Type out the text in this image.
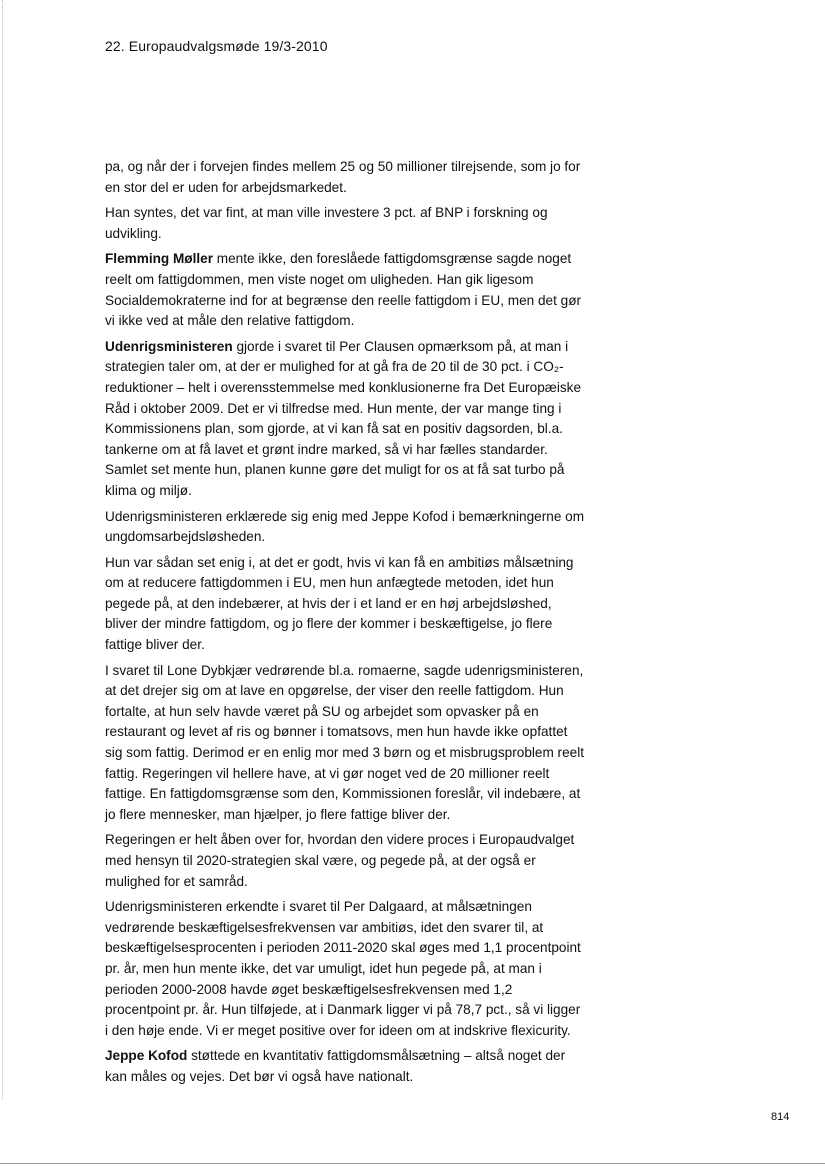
22. Europaudvalgsmøde 19/3-2010

pa, og når der i forvejen findes mellem 25 og 50 millioner tilrejsende, som jo for en stor del er uden for arbejdsmarkedet.

Han syntes, det var fint, at man ville investere 3 pct. af BNP i forskning og udvikling.

Flemming Møller mente ikke, den foreslåede fattigdomsgrænse sagde noget reelt om fattigdommen, men viste noget om uligheden. Han gik ligesom Socialdemokraterne ind for at begrænse den reelle fattigdom i EU, men det gør vi ikke ved at måle den relative fattigdom.

Udenrigsministeren gjorde i svaret til Per Clausen opmærksom på, at man i strategien taler om, at der er mulighed for at gå fra de 20 til de 30 pct. i CO₂-reduktioner – helt i overensstemmelse med konklusionerne fra Det Europæiske Råd i oktober 2009. Det er vi tilfredse med. Hun mente, der var mange ting i Kommissionens plan, som gjorde, at vi kan få sat en positiv dagsorden, bl.a. tankerne om at få lavet et grønt indre marked, så vi har fælles standarder. Samlet set mente hun, planen kunne gøre det muligt for os at få sat turbo på klima og miljø.

Udenrigsministeren erklærede sig enig med Jeppe Kofod i bemærkningerne om ungdomsarbejdsløsheden.

Hun var sådan set enig i, at det er godt, hvis vi kan få en ambitiøs målsætning om at reducere fattigdommen i EU, men hun anfægtede metoden, idet hun pegede på, at den indebærer, at hvis der i et land er en høj arbejdsløshed, bliver der mindre fattigdom, og jo flere der kommer i beskæftigelse, jo flere fattige bliver der.

I svaret til Lone Dybkjær vedrørende bl.a. romaerne, sagde udenrigsministeren, at det drejer sig om at lave en opgørelse, der viser den reelle fattigdom. Hun fortalte, at hun selv havde været på SU og arbejdet som opvasker på en restaurant og levet af ris og bønner i tomatsovs, men hun havde ikke opfattet sig som fattig. Derimod er en enlig mor med 3 børn og et misbrugsproblem reelt fattig. Regeringen vil hellere have, at vi gør noget ved de 20 millioner reelt fattige. En fattigdomsgrænse som den, Kommissionen foreslår, vil indebære, at jo flere mennesker, man hjælper, jo flere fattige bliver der.

Regeringen er helt åben over for, hvordan den videre proces i Europaudvalget med hensyn til 2020-strategien skal være, og pegede på, at der også er mulighed for et samråd.

Udenrigsministeren erkendte i svaret til Per Dalgaard, at målsætningen vedrørende beskæftigelsesfrekvensen var ambitiøs, idet den svarer til, at beskæftigelsesprocenten i perioden 2011-2020 skal øges med 1,1 procentpoint pr. år, men hun mente ikke, det var umuligt, idet hun pegede på, at man i perioden 2000-2008 havde øget beskæftigelsesfrekvensen med 1,2 procentpoint pr. år. Hun tilføjede, at i Danmark ligger vi på 78,7 pct., så vi ligger i den høje ende. Vi er meget positive over for ideen om at indskrive flexicurity.

Jeppe Kofod støttede en kvantitativ fattigdomsmålsætning – altså noget der kan måles og vejes. Det bør vi også have nationalt.

814
